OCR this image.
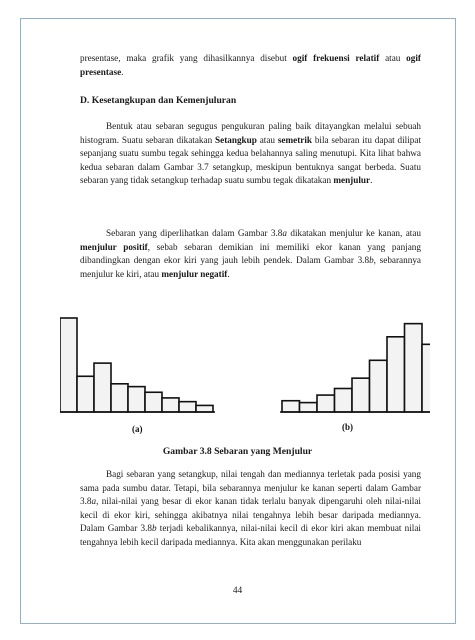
presentase, maka grafik yang dihasilkannya disebut ogif frekuensi relatif atau ogif presentase.
D. Kesetangkupan dan Kemenjuluran
Bentuk atau sebaran segugus pengukuran paling baik ditayangkan melalui sebuah histogram. Suatu sebaran dikatakan Setangkup atau semetrik bila sebaran itu dapat dilipat sepanjang suatu sumbu tegak sehingga kedua belahannya saling menutupi. Kita lihat bahwa kedua sebaran dalam Gambar 3.7 setangkup, meskipun bentuknya sangat berbeda. Suatu sebaran yang tidak setangkup terhadap suatu sumbu tegak dikatakan menjulur.
Sebaran yang diperlihatkan dalam Gambar 3.8a dikatakan menjulur ke kanan, atau menjulur positif, sebab sebaran demikian ini memiliki ekor kanan yang panjang dibandingkan dengan ekor kiri yang jauh lebih pendek. Dalam Gambar 3.8b, sebarannya menjulur ke kiri, atau menjulur negatif.
(a)	(b)
Gambar 3.8 Sebaran yang Menjulur
Bagi sebaran yang setangkup, nilai tengah dan mediannya terletak pada posisi yang sama pada sumbu datar. Tetapi, bila sebarannya menjulur ke kanan seperti dalam Gambar 3.8a, nilai-nilai yang besar di ekor kanan tidak terlalu banyak dipengaruhi oleh nilai-nilai kecil di ekor kiri, sehingga akibatnya nilai tengahnya lebih besar daripada mediannya. Dalam Gambar 3.8b terjadi kebalikannya, nilai-nilai kecil di ekor kiri akan membuat nilai tengahnya lebih kecil daripada mediannya. Kita akan menggunakan perilaku
44
